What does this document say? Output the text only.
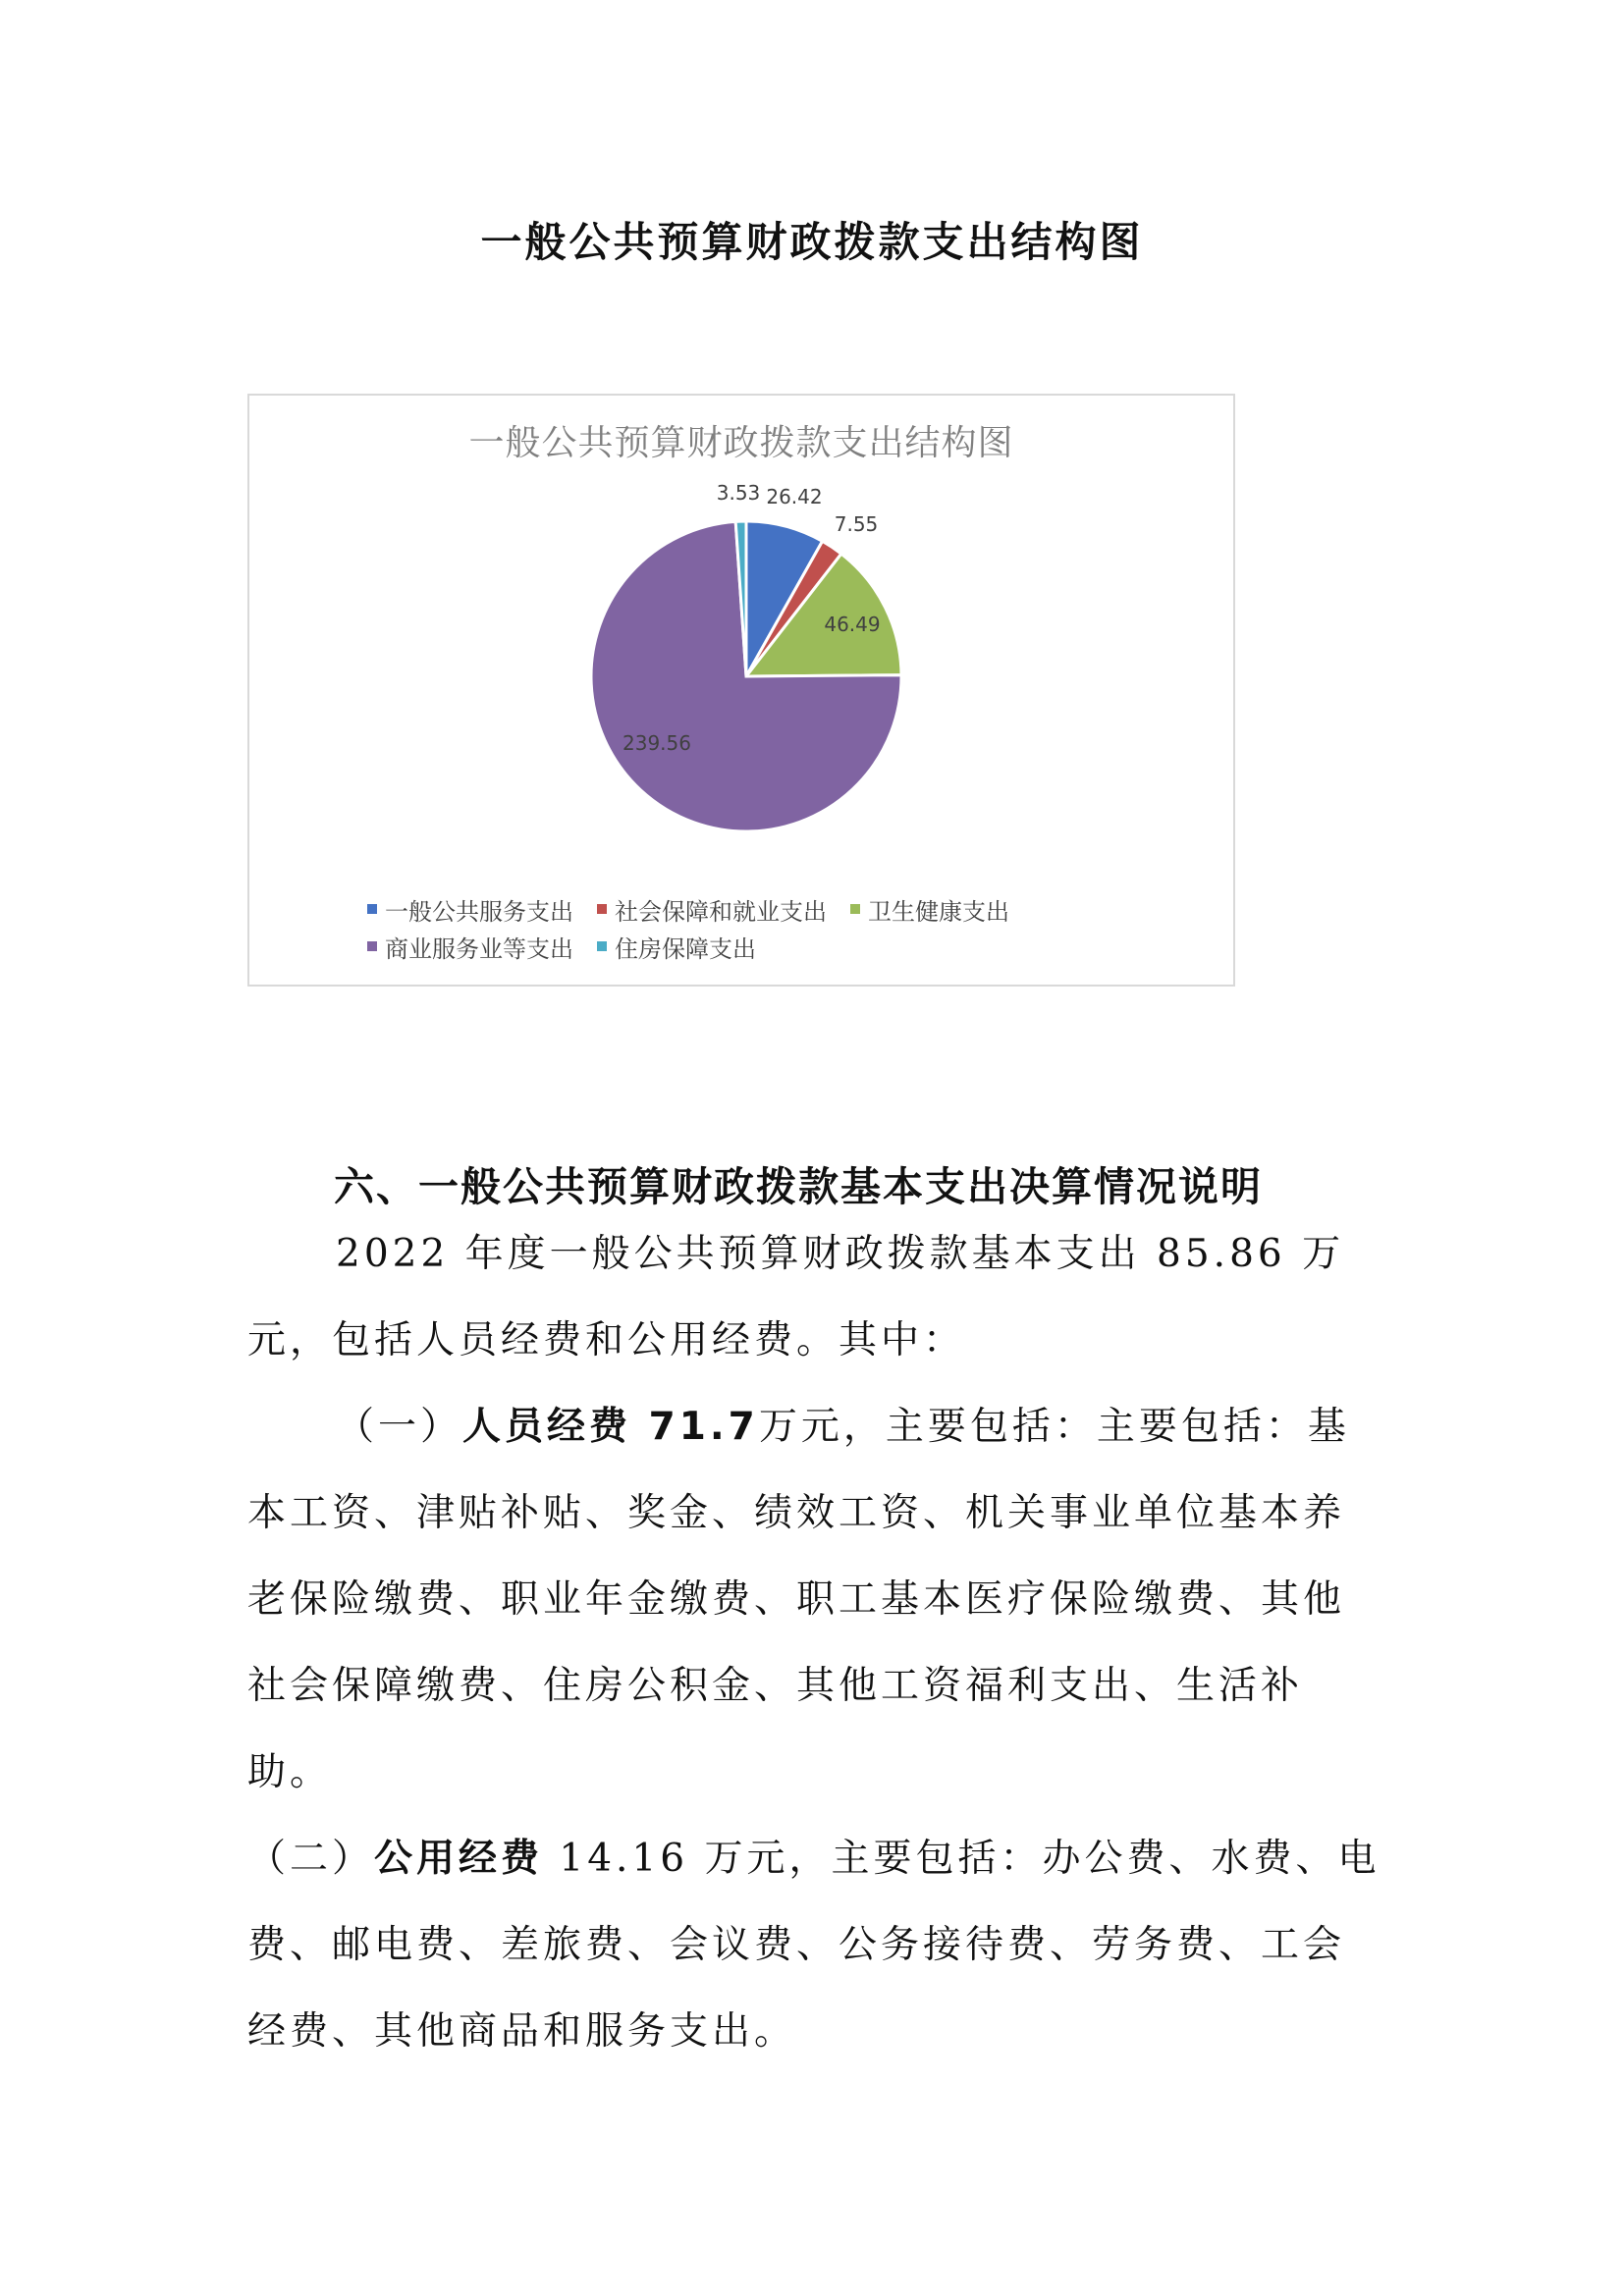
一般公共预算财政拨款支出结构图
一般公共预算财政拨款支出结构图
26.42
7.55
46.49
239.56
3.53
一般公共服务支出 社会保障和就业支出 卫生健康支出
商业服务业等支出 住房保障支出
六、一般公共预算财政拨款基本支出决算情况说明

2022 年度一般公共预算财政拨款基本支出 85.86 万元，包括人员经费和公用经费。其中：

（一）人员经费 71.7万元，主要包括：主要包括：基本工资、津贴补贴、奖金、绩效工资、机关事业单位基本养老保险缴费、职业年金缴费、职工基本医疗保险缴费、其他社会保障缴费、住房公积金、其他工资福利支出、生活补助。

（二）公用经费 14.16 万元，主要包括：办公费、水费、电费、邮电费、差旅费、会议费、公务接待费、劳务费、工会经费、其他商品和服务支出。
